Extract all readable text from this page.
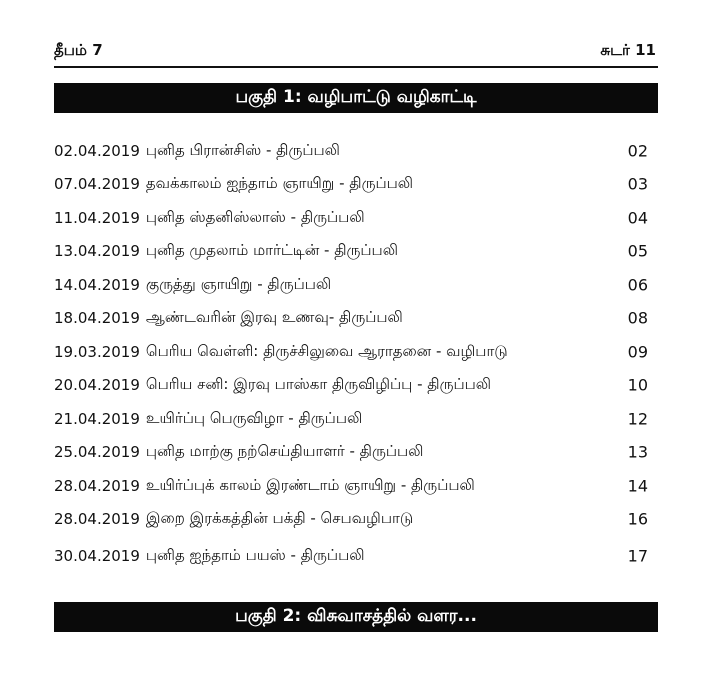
தீபம் 7	சுடர் 11
பகுதி 1: வழிபாட்டு வழிகாட்டி
02.04.2019 புனித பிரான்சிஸ் - திருப்பலி	02
07.04.2019 தவக்காலம் ஐந்தாம் ஞாயிறு - திருப்பலி	03
11.04.2019 புனித ஸ்தனிஸ்லாஸ் - திருப்பலி	04
13.04.2019 புனித முதலாம் மார்ட்டின் - திருப்பலி	05
14.04.2019 குருத்து ஞாயிறு - திருப்பலி	06
18.04.2019 ஆண்டவரின் இரவு உணவு- திருப்பலி	08
19.03.2019 பெரிய வெள்ளி: திருச்சிலுவை ஆராதனை - வழிபாடு	09
20.04.2019 பெரிய சனி: இரவு பாஸ்கா திருவிழிப்பு - திருப்பலி	10
21.04.2019 உயிர்ப்பு பெருவிழா - திருப்பலி	12
25.04.2019 புனித மாற்கு நற்செய்தியாளர் - திருப்பலி	13
28.04.2019 உயிர்ப்புக் காலம் இரண்டாம் ஞாயிறு - திருப்பலி	14
28.04.2019 இறை இரக்கத்தின் பக்தி - செபவழிபாடு	16
30.04.2019 புனித ஐந்தாம் பயஸ் - திருப்பலி	17
பகுதி 2: விசுவாசத்தில் வளர...
